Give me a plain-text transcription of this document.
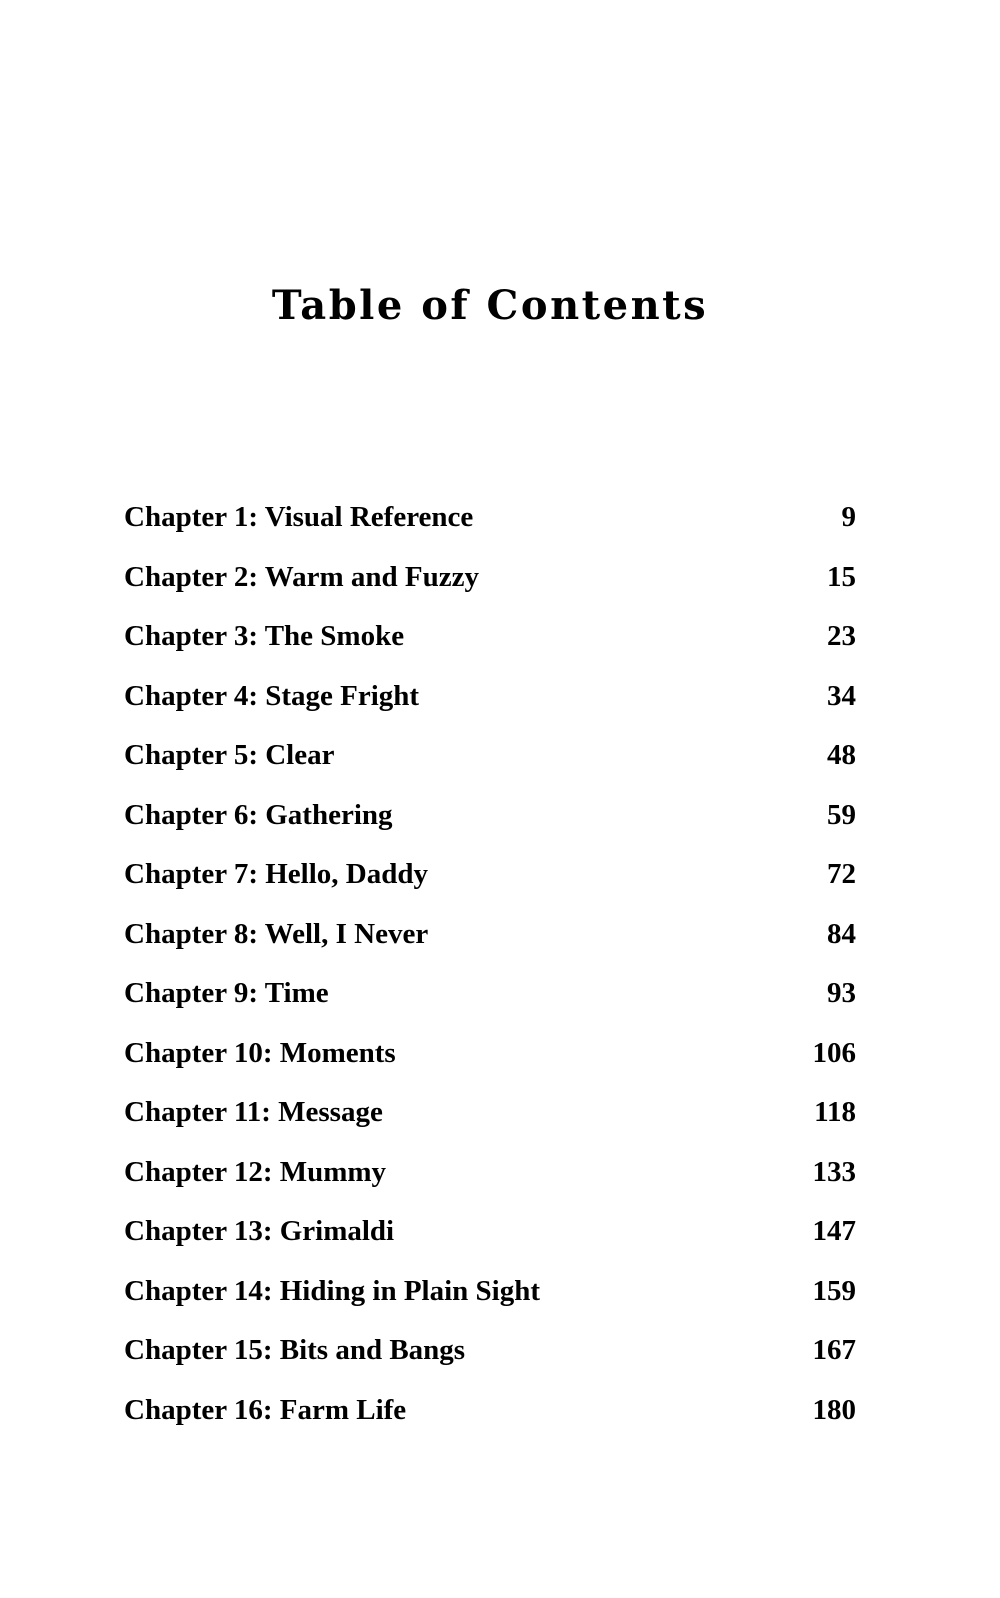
Table of Contents
Chapter 1: Visual Reference	9
Chapter 2: Warm and Fuzzy	15
Chapter 3: The Smoke	23
Chapter 4: Stage Fright	34
Chapter 5: Clear	48
Chapter 6: Gathering	59
Chapter 7: Hello, Daddy	72
Chapter 8: Well, I Never	84
Chapter 9: Time	93
Chapter 10: Moments	106
Chapter 11: Message	118
Chapter 12: Mummy	133
Chapter 13: Grimaldi	147
Chapter 14: Hiding in Plain Sight	159
Chapter 15: Bits and Bangs	167
Chapter 16: Farm Life	180
